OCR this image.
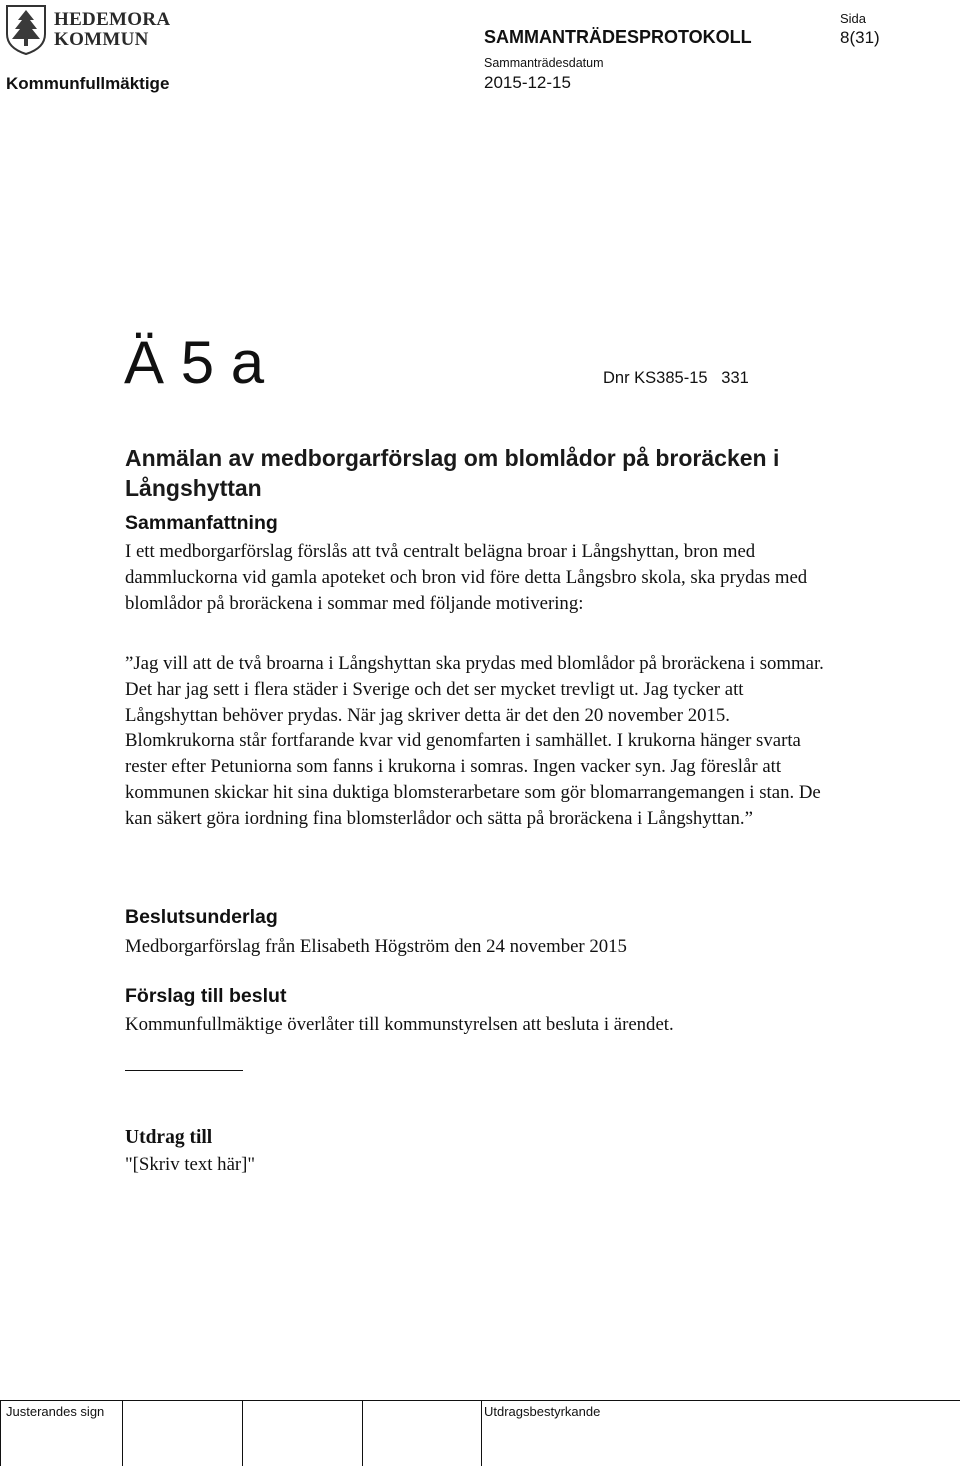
HEDEMORA
KOMMUN	SAMMANTRÄDESPROTOKOLL
Sammanträdesdatum
2015-12-15
Sida
8(31)
Kommunfullmäktige
Ä 5 a	Dnr KS385-15   331
Anmälan av medborgarförslag om blomlådor på broräcken i Långshyttan
Sammanfattning
I ett medborgarförslag förslås att två centralt belägna broar i Långshyttan, bron med dammluckorna vid gamla apoteket och bron vid före detta Långsbro skola, ska prydas med blomlådor på broräckena i sommar med följande motivering:
”Jag vill att de två broarna i Långshyttan ska prydas med blomlådor på broräckena i sommar. Det har jag sett i flera städer i Sverige och det ser mycket trevligt ut. Jag tycker att Långshyttan behöver prydas. När jag skriver detta är det den 20 november 2015. Blomkrukorna står fortfarande kvar vid genomfarten i samhället. I krukorna hänger svarta rester efter Petuniorna som fanns i krukorna i somras. Ingen vacker syn. Jag föreslår att kommunen skickar hit sina duktiga blomsterarbetare som gör blomarrangemangen i stan. De kan säkert göra iordning fina blomsterlådor och sätta på broräckena i Långshyttan.”
Beslutsunderlag
Medborgarförslag från Elisabeth Högström den 24 november 2015
Förslag till beslut
Kommunfullmäktige överlåter till kommunstyrelsen att besluta i ärendet.
Utdrag till
"[Skriv text här]"
Justerandes sign	Utdragsbestyrkande
